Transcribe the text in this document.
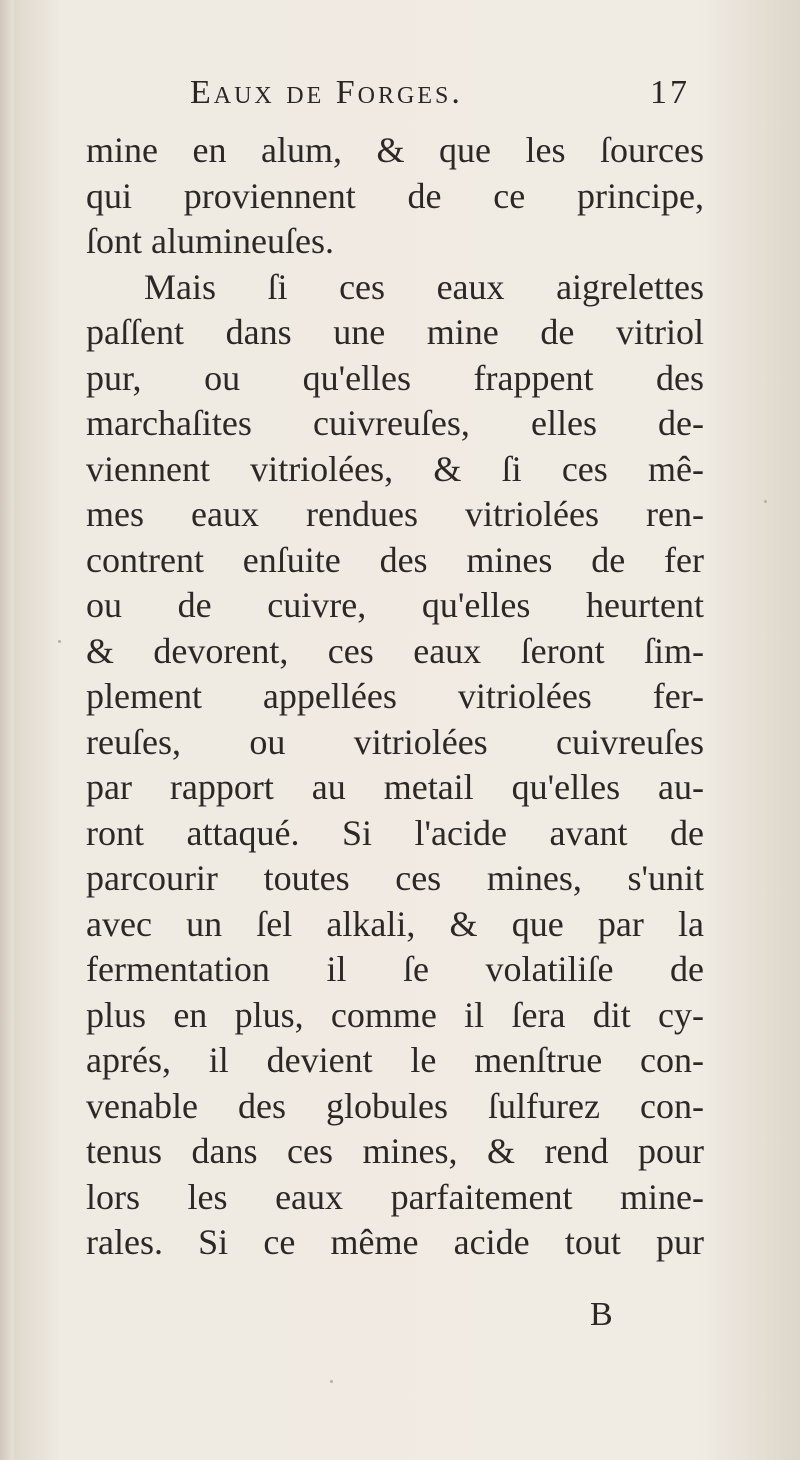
Eaux de Forges.	17
mine en alum, & que les ſources
qui proviennent de ce principe,
ſont alumineuſes.
Mais ſi ces eaux aigrelettes
paſſent dans une mine de vitriol
pur, ou qu'elles frappent des
marchaſites cuivreuſes, elles de-
viennent vitriolées, & ſi ces mê-
mes eaux rendues vitriolées ren-
contrent enſuite des mines de fer
ou de cuivre, qu'elles heurtent
& devorent, ces eaux ſeront ſim-
plement appellées vitriolées fer-
reuſes, ou vitriolées cuivreuſes
par rapport au metail qu'elles au-
ront attaqué. Si l'acide avant de
parcourir toutes ces mines, s'unit
avec un ſel alkali, & que par la
fermentation il ſe volatiliſe de
plus en plus, comme il ſera dit cy-
aprés, il devient le menſtrue con-
venable des globules ſulfurez con-
tenus dans ces mines, & rend pour
lors les eaux parfaitement mine-
rales. Si ce même acide tout pur
B
